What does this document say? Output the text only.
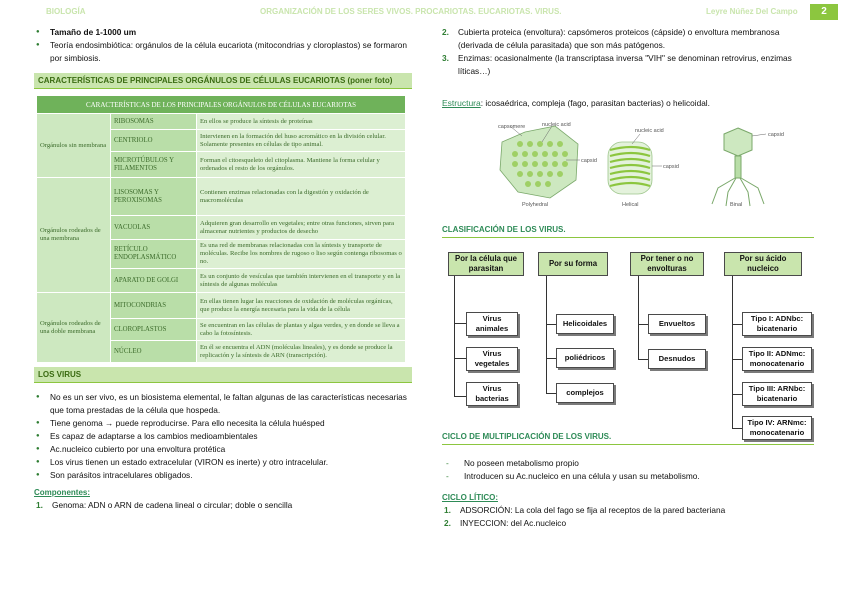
BIOLOGÍA	ORGANIZACIÓN DE LOS SERES VIVOS. PROCARIOTAS. EUCARIOTAS. VIRUS.	Leyre Núñez Del Campo	2
● Tamaño de 1-1000 um
● Teoría endosimbiótica: orgánulos de la célula eucariota (mitocondrias y cloroplastos) se formaron por simbiosis.
CARACTERÍSTICAS DE PRINCIPALES ORGÁNULOS DE CÉLULAS EUCARIOTAS (poner foto)
CARACTERÍSTICAS DE LOS PRINCIPALES ORGÁNULOS DE CÉLULAS EUCARIOTAS		
Orgánulos sin membrana	RIBOSOMAS	En ellos se produce la síntesis de proteínas
	CENTRIOLO	Intervienen en la formación del huso acromático en la división celular. Solamente presentes en células de tipo animal.
	MICROTÚBULOS Y FILAMENTOS	Forman el citoesqueleto del citoplasma. Mantiene la forma celular y ordenados el resto de los orgánulos.
Orgánulos rodeados de una membrana	LISOSOMAS Y PEROXISOMAS	Contienen enzimas relacionadas con la digestión y oxidación de macromoléculas
	VACUOLAS	Adquieren gran desarrollo en vegetales; entre otras funciones, sirven para almacenar nutrientes y productos de desecho
	RETÍCULO ENDOPLASMÁTICO	Es una red de membranas relacionadas con la síntesis y transporte de moléculas. Recibe los nombres de rugoso o liso según contenga ribosomas o no.
	APARATO DE GOLGI	Es un conjunto de vesículas que también intervienen en el transporte y en la síntesis de algunas moléculas
Orgánulos rodeados de una doble membrana	MITOCONDRIAS	En ellas tienen lugar las reacciones de oxidación de moléculas orgánicas, que produce la energía necesaria para la vida de la célula
	CLOROPLASTOS	Se encuentran en las células de plantas y algas verdes, y en donde se lleva a cabo la fotosíntesis.
	NÚCLEO	En él se encuentra el ADN (moléculas lineales), y es donde se produce la replicación y la síntesis de ARN (transcripción).
LOS VIRUS
● No es un ser vivo, es un biosistema elemental, le faltan algunas de las características necesarias que toma prestadas de la célula que hospeda.
● Tiene genoma → puede reproducirse. Para ello necesita la célula huésped
● Es capaz de adaptarse a los cambios medioambientales
● Ac.nucleico cubierto por una envoltura protética
● Los virus tienen un estado extracelular (VIRON es inerte) y otro intracelular.
● Son parásitos intracelulares obligados.
Componentes:
1. Genoma: ADN o ARN de cadena lineal o circular; doble o sencilla
2. Cubierta proteica (envoltura): capsómeros proteicos (cápside) o envoltura membranosa (derivada de célula parasitada) que son más patógenos.
3. Enzimas: ocasionalmente (la transcriptasa inversa "VIH" se denominan retrovirus, enzimas líticas…)
Estructura: icosaédrica, compleja (fago, parasitan bacterias) o helicoidal.
capsomere	nucleic acid
capsid
Polyhedral
nucleic acid
capsid
Helical
capsid
Binal
CLASIFICACIÓN DE LOS VIRUS.
Por la célula que parasitan
Por su forma
Por tener o no envolturas
Por su ácido nucleico
Virus animales
Virus vegetales
Virus bacterias
Helicoidales
poliédricos
complejos
Envueltos
Desnudos
Tipo I: ADNbc: bicatenario
Tipo II: ADNmc: monocatenario
Tipo III: ARNbc: bicatenario
Tipo IV: ARNmc: monocatenario
CICLO DE MULTIPLICACIÓN DE LOS VIRUS.
- No poseen metabolismo propio
- Introducen su Ac.nucleico en una célula y usan su metabolismo.
CICLO LÍTICO:
1. ADSORCIÓN: La cola del fago se fija al receptos de la pared bacteriana
2. INYECCION: del Ac.nucleico
